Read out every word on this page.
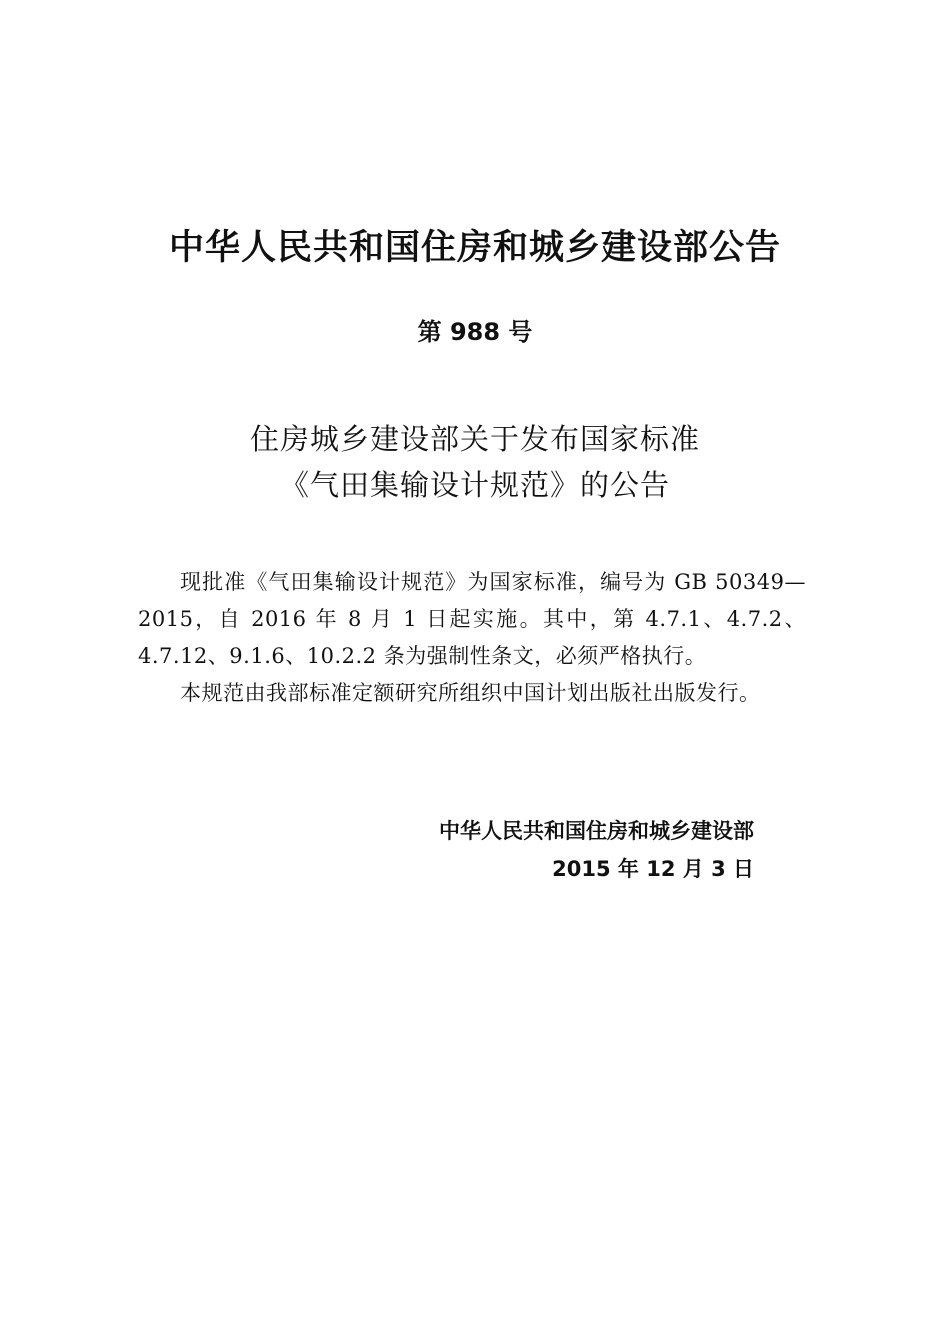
中华人民共和国住房和城乡建设部公告
第 988 号
住房城乡建设部关于发布国家标准
《气田集输设计规范》的公告

现批准《气田集输设计规范》为国家标准，编号为 GB 50349—2015，自 2016 年 8 月 1 日起实施。其中，第 4.7.1、4.7.2、4.7.12、9.1.6、10.2.2 条为强制性条文，必须严格执行。

本规范由我部标准定额研究所组织中国计划出版社出版发行。

中华人民共和国住房和城乡建设部
2015 年 12 月 3 日
